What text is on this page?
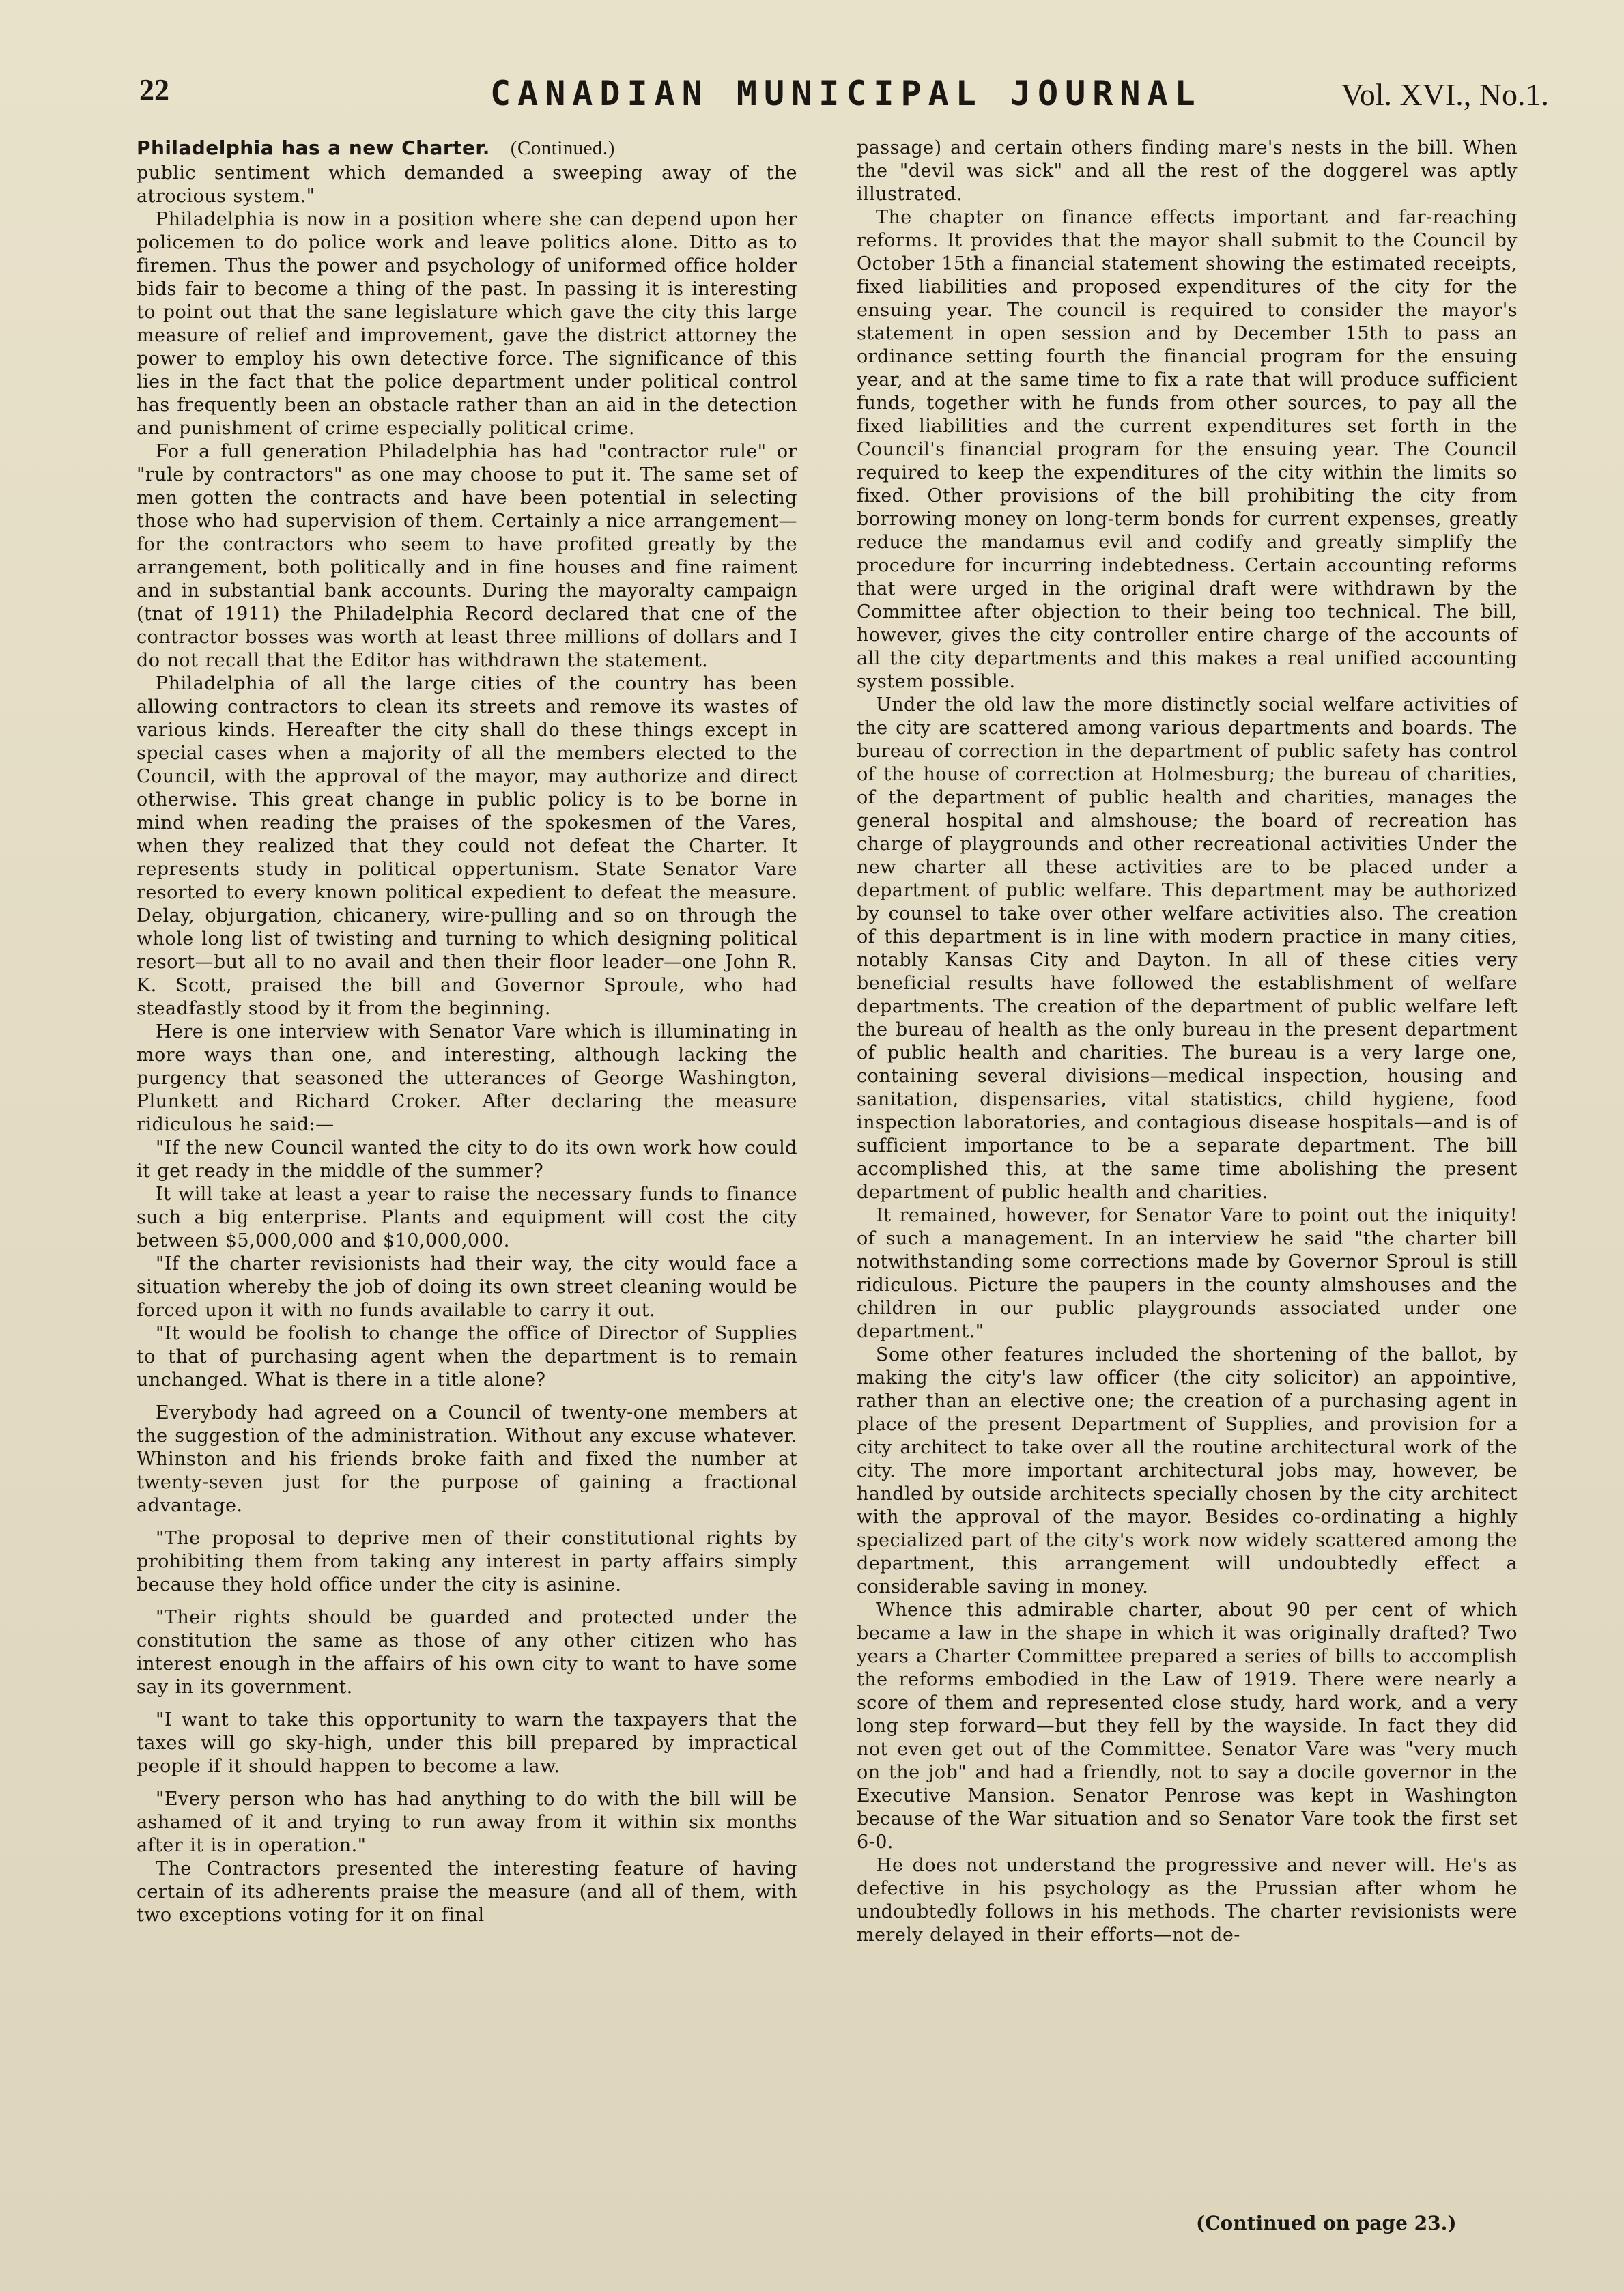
22	CANADIAN MUNICIPAL JOURNAL	Vol. XVI., No.1.

Philadelphia has a new Charter. (Continued.)

public sentiment which demanded a sweeping away of the atrocious system."

Philadelphia is now in a position where she can depend upon her policemen to do police work and leave politics alone. Ditto as to firemen. Thus the power and psychology of uniformed office holder bids fair to become a thing of the past. In passing it is interesting to point out that the sane legislature which gave the city this large measure of relief and improvement, gave the district attorney the power to employ his own detective force. The significance of this lies in the fact that the police department under political control has frequently been an obstacle rather than an aid in the detection and punishment of crime especially political crime.

For a full generation Philadelphia has had "contractor rule" or "rule by contractors" as one may choose to put it. The same set of men gotten the contracts and have been potential in selecting those who had supervision of them. Certainly a nice arrangement—for the contractors who seem to have profited greatly by the arrangement, both politically and in fine houses and fine raiment and in substantial bank accounts. During the mayoralty campaign (tnat of 1911) the Philadelphia Record declared that cne of the contractor bosses was worth at least three millions of dollars and I do not recall that the Editor has withdrawn the statement.

Philadelphia of all the large cities of the country has been allowing contractors to clean its streets and remove its wastes of various kinds. Hereafter the city shall do these things except in special cases when a majority of all the members elected to the Council, with the approval of the mayor, may authorize and direct otherwise. This great change in public policy is to be borne in mind when reading the praises of the spokesmen of the Vares, when they realized that they could not defeat the Charter. It represents study in political oppertunism. State Senator Vare resorted to every known political expedient to defeat the measure. Delay, objurgation, chicanery, wire-pulling and so on through the whole long list of twisting and turning to which designing political resort—but all to no avail and then their floor leader—one John R. K. Scott, praised the bill and Governor Sproule, who had steadfastly stood by it from the beginning.

Here is one interview with Senator Vare which is illuminating in more ways than one, and interesting, although lacking the purgency that seasoned the utterances of George Washington, Plunkett and Richard Croker. After declaring the measure ridiculous he said:—

"If the new Council wanted the city to do its own work how could it get ready in the middle of the summer?

It will take at least a year to raise the necessary funds to finance such a big enterprise. Plants and equipment will cost the city between $5,000,000 and $10,000,000.

"If the charter revisionists had their way, the city would face a situation whereby the job of doing its own street cleaning would be forced upon it with no funds available to carry it out.

"It would be foolish to change the office of Director of Supplies to that of purchasing agent when the department is to remain unchanged. What is there in a title alone?

Everybody had agreed on a Council of twenty-one members at the suggestion of the administration. Without any excuse whatever. Whinston and his friends broke faith and fixed the number at twenty-seven just for the purpose of gaining a fractional advantage.

"The proposal to deprive men of their constitutional rights by prohibiting them from taking any interest in party affairs simply because they hold office under the city is asinine.

"Their rights should be guarded and protected under the constitution the same as those of any other citizen who has interest enough in the affairs of his own city to want to have some say in its government.

"I want to take this opportunity to warn the taxpayers that the taxes will go sky-high, under this bill prepared by impractical people if it should happen to become a law.

"Every person who has had anything to do with the bill will be ashamed of it and trying to run away from it within six months after it is in operation."

The Contractors presented the interesting feature of having certain of its adherents praise the measure (and all of them, with two exceptions voting for it on final

passage) and certain others finding mare's nests in the bill. When the "devil was sick" and all the rest of the doggerel was aptly illustrated.

The chapter on finance effects important and far-reaching reforms. It provides that the mayor shall submit to the Council by October 15th a financial statement showing the estimated receipts, fixed liabilities and proposed expenditures of the city for the ensuing year. The council is required to consider the mayor's statement in open session and by December 15th to pass an ordinance setting fourth the financial program for the ensuing year, and at the same time to fix a rate that will produce sufficient funds, together with he funds from other sources, to pay all the fixed liabilities and the current expenditures set forth in the Council's financial program for the ensuing year. The Council required to keep the expenditures of the city within the limits so fixed. Other provisions of the bill prohibiting the city from borrowing money on long-term bonds for current expenses, greatly reduce the mandamus evil and codify and greatly simplify the procedure for incurring indebtedness. Certain accounting reforms that were urged in the original draft were withdrawn by the Committee after objection to their being too technical. The bill, however, gives the city controller entire charge of the accounts of all the city departments and this makes a real unified accounting system possible.

Under the old law the more distinctly social welfare activities of the city are scattered among various departments and boards. The bureau of correction in the department of public safety has control of the house of correction at Holmesburg; the bureau of charities, of the department of public health and charities, manages the general hospital and almshouse; the board of recreation has charge of playgrounds and other recreational activities Under the new charter all these activities are to be placed under a department of public welfare. This department may be authorized by counsel to take over other welfare activities also. The creation of this department is in line with modern practice in many cities, notably Kansas City and Dayton. In all of these cities very beneficial results have followed the establishment of welfare departments. The creation of the department of public welfare left the bureau of health as the only bureau in the present department of public health and charities. The bureau is a very large one, containing several divisions—medical inspection, housing and sanitation, dispensaries, vital statistics, child hygiene, food inspection laboratories, and contagious disease hospitals—and is of sufficient importance to be a separate department. The bill accomplished this, at the same time abolishing the present department of public health and charities.

It remained, however, for Senator Vare to point out the iniquity! of such a management. In an interview he said "the charter bill notwithstanding some corrections made by Governor Sproul is still ridiculous. Picture the paupers in the county almshouses and the children in our public playgrounds associated under one department."

Some other features included the shortening of the ballot, by making the city's law officer (the city solicitor) an appointive, rather than an elective one; the creation of a purchasing agent in place of the present Department of Supplies, and provision for a city architect to take over all the routine architectural work of the city. The more important architectural jobs may, however, be handled by outside architects specially chosen by the city architect with the approval of the mayor. Besides co-ordinating a highly specialized part of the city's work now widely scattered among the department, this arrangement will undoubtedly effect a considerable saving in money.

Whence this admirable charter, about 90 per cent of which became a law in the shape in which it was originally drafted? Two years a Charter Committee prepared a series of bills to accomplish the reforms embodied in the Law of 1919. There were nearly a score of them and represented close study, hard work, and a very long step forward—but they fell by the wayside. In fact they did not even get out of the Committee. Senator Vare was "very much on the job" and had a friendly, not to say a docile governor in the Executive Mansion. Senator Penrose was kept in Washington because of the War situation and so Senator Vare took the first set 6-0.

He does not understand the progressive and never will. He's as defective in his psychology as the Prussian after whom he undoubtedly follows in his methods. The charter revisionists were merely delayed in their efforts—not de-

(Continued on page 23.)
